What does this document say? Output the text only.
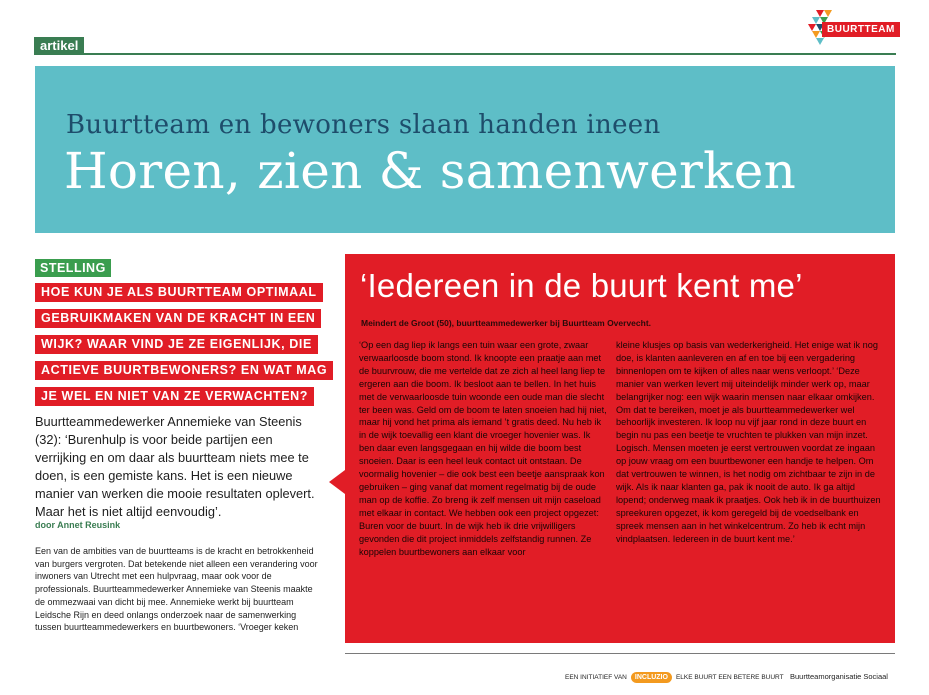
artikel
BUURTTEAM
Buurtteam en bewoners slaan handen ineen
Horen, zien & samenwerken
STELLING
HOE KUN JE ALS BUURTTEAM OPTIMAAL
GEBRUIKMAKEN VAN DE KRACHT IN EEN
WIJK? WAAR VIND JE ZE EIGENLIJK, DIE
ACTIEVE BUURTBEWONERS? EN WAT MAG
JE WEL EN NIET VAN ZE VERWACHTEN?
Buurtteammedewerker Annemieke van Steenis (32): ‘Burenhulp is voor beide partijen een verrijking en om daar als buurtteam niets mee te doen, is een gemiste kans. Het is een nieuwe manier van werken die mooie resultaten oplevert. Maar het is niet altijd eenvoudig’.
door Annet Reusink
Een van de ambities van de buurtteams is de kracht en betrokkenheid van burgers vergroten. Dat betekende niet alleen een verandering voor inwoners van Utrecht met een hulpvraag, maar ook voor de professionals. Buurtteammedewerker Annemieke van Steenis maakte de ommezwaai van dicht bij mee. Annemieke werkt bij buurtteam Leidsche Rijn en deed onlangs onderzoek naar de samenwerking tussen buurtteammedewerkers en buurtbewoners. ‘Vroeger keken
‘Iedereen in de buurt kent me’
Meindert de Groot (50), buurtteammedewerker bij Buurtteam Overvecht.
‘Op een dag liep ik langs een tuin waar een grote, zwaar verwaarloosde boom stond. Ik knoopte een praatje aan met de buurvrouw, die me vertelde dat ze zich al heel lang liep te ergeren aan die boom. Ik besloot aan te bellen. In het huis met de verwaarloosde tuin woonde een oude man die slecht ter been was. Geld om de boom te laten snoeien had hij niet, maar hij vond het prima als iemand ’t gratis deed. Nu heb ik in de wijk toevallig een klant die vroeger hovenier was. Ik ben daar even langsgegaan en hij wilde die boom best snoeien. Daar is een heel leuk contact uit ontstaan. De voormalig hovenier – die ook best een beetje aanspraak kon gebruiken – ging vanaf dat moment regelmatig bij de oude man op de koffie. Zo breng ik zelf mensen uit mijn caseload met elkaar in contact. We hebben ook een project opgezet: Buren voor de buurt. In de wijk heb ik drie vrijwilligers gevonden die dit project inmiddels zelfstandig runnen. Ze koppelen buurtbewoners aan elkaar voor
kleine klusjes op basis van wederkerigheid. Het enige wat ik nog doe, is klanten aanleveren en af en toe bij een vergadering binnenlopen om te kijken of alles naar wens verloopt.’ ‘Deze manier van werken levert mij uiteindelijk minder werk op, maar belangrijker nog: een wijk waarin mensen naar elkaar omkijken. Om dat te bereiken, moet je als buurtteammedewerker wel behoorlijk investeren. Ik loop nu vijf jaar rond in deze buurt en begin nu pas een beetje te vruchten te plukken van mijn inzet. Logisch. Mensen moeten je eerst vertrouwen voordat ze ingaan op jouw vraag om een buurtbewoner een handje te helpen. Om dat vertrouwen te winnen, is het nodig om zichtbaar te zijn in de wijk. Als ik naar klanten ga, pak ik nooit de auto. Ik ga altijd lopend; onderweg maak ik praatjes. Ook heb ik in de buurthuizen spreekuren opgezet, ik kom geregeld bij de voedselbank en spreek mensen aan in het winkelcentrum. Zo heb ik echt mijn vindplaatsen. Iedereen in de buurt kent me.’
EEN INITIATIEF VAN	INCLUZIO	ELKE BUURT EEN BETERE BUURT Buurtteamorganisatie Sociaal
